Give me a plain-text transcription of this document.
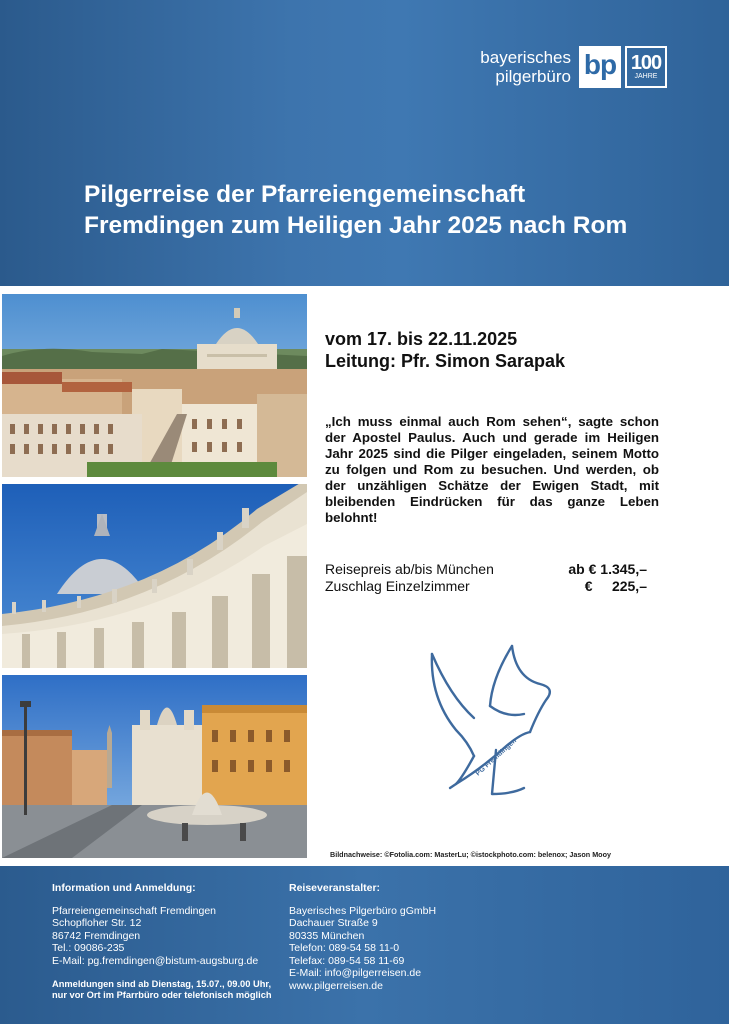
bayerisches
pilgerbüro bp 100
JAHRE
Pilgerreise der Pfarreiengemeinschaft Fremdingen zum Heiligen Jahr 2025 nach Rom
vom 17. bis 22.11.2025
Leitung: Pfr. Simon Sarapak

„Ich muss einmal auch Rom sehen“, sagte schon der Apostel Paulus. Auch und gerade im Heiligen Jahr 2025 sind die Pilger eingeladen, seinem Motto zu folgen und Rom zu besuchen. Und werden, ob der unzähligen Schätze der Ewigen Stadt, mit bleibenden Eindrücken für das ganze Leben belohnt!

Reisepreis ab/bis München	ab € 1.345,–
Zuschlag Einzelzimmer	€     225,–
PG Fremdingen
Bildnachweise: ©Fotolia.com: MasterLu; ©istockphoto.com: belenox; Jason Mooy
Information und Anmeldung:
Pfarreiengemeinschaft Fremdingen
Schopfloher Str. 12
86742 Fremdingen
Tel.: 09086-235
E-Mail: pg.fremdingen@bistum-augsburg.de
Anmeldungen sind ab Dienstag, 15.07., 09.00 Uhr, nur vor Ort im Pfarrbüro oder telefonisch möglich
Reiseveranstalter:
Bayerisches Pilgerbüro gGmbH
Dachauer Straße 9
80335 München
Telefon: 089-54 58 11-0
Telefax: 089-54 58 11-69
E-Mail: info@pilgerreisen.de
www.pilgerreisen.de
